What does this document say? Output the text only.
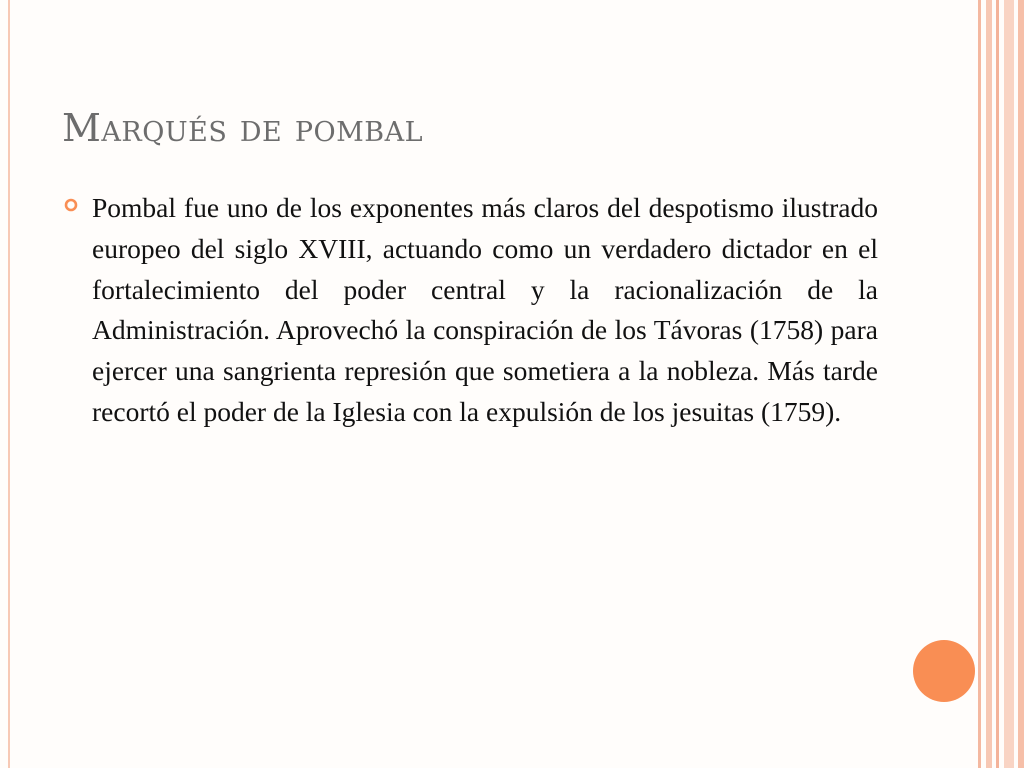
Marqués de pombal

Pombal fue uno de los exponentes más claros del despotismo ilustrado europeo del siglo XVIII, actuando como un verdadero dictador en el fortalecimiento del poder central y la racionalización de la Administración. Aprovechó la conspiración de los Távoras (1758) para ejercer una sangrienta represión que sometiera a la nobleza. Más tarde recortó el poder de la Iglesia con la expulsión de los jesuitas (1759).
